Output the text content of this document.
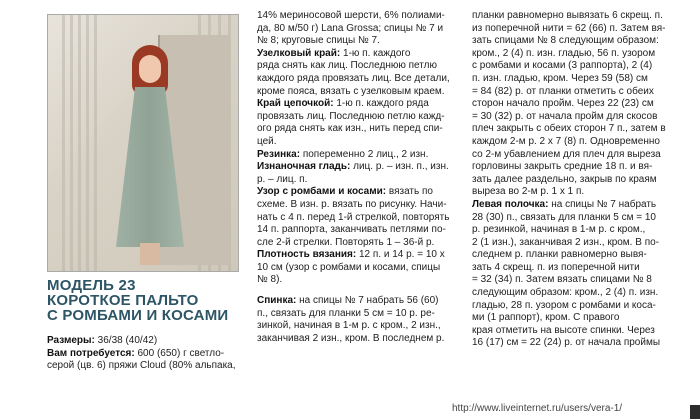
МОДЕЛЬ 23
КОРОТКОЕ ПАЛЬТО
С РОМБАМИ И КОСАМИ

Размеры: 36/38 (40/42)

Вам потребуется: 600 (650) г светло-

серой (цв. 6) пряжи Cloud (80% альпака,

14% мериносовой шерсти, 6% полиами-

да, 80 м/50 г) Lana Grossa; спицы № 7 и

№ 8; круговые спицы № 7.

Узелковый край: 1-ю п. каждого

ряда снять как лиц. Последнюю петлю

каждого ряда провязать лиц. Все детали,

кроме пояса, вязать с узелковым краем.

Край цепочкой: 1-ю п. каждого ряда

провязать лиц. Последнюю петлю кажд-

ого ряда снять как изн., нить перед спи-

цей.

Резинка: попеременно 2 лиц., 2 изн.

Изнаночная гладь: лиц. р. – изн. п., изн.

р. – лиц. п.

Узор с ромбами и косами: вязать по

схеме. В изн. р. вязать по рисунку. Начи-

нать с 4 п. перед 1-й стрелкой, повторять

14 п. раппорта, заканчивать петлями по-

сле 2-й стрелки. Повторять 1 – 36-й р.

Плотность вязания: 12 п. и 14 р. = 10 х

10 см (узор с ромбами и косами, спицы

№ 8).

Спинка: на спицы № 7 набрать 56 (60)

п., связать для планки 5 см = 10 р. ре-

зинкой, начиная в 1-м р. с кром., 2 изн.,

заканчивая 2 изн., кром. В последнем р.

планки равномерно вывязать 6 скрещ. п.

из поперечной нити = 62 (66) п. Затем вя-

зать спицами № 8 следующим образом:

кром., 2 (4) п. изн. гладью, 56 п. узором

с ромбами и косами (3 раппорта), 2 (4)

п. изн. гладью, кром. Через 59 (58) см

= 84 (82) р. от планки отметить с обеих

сторон начало пройм. Через 22 (23) см

= 30 (32) р. от начала пройм для скосов

плеч закрыть с обеих сторон 7 п., затем в

каждом 2-м р. 2 х 7 (8) п. Одновременно

со 2-м убавлением для плеч для выреза

горловины закрыть средние 18 п. и вя-

зать далее раздельно, закрыв по краям

выреза во 2-м р. 1 х 1 п.

Левая полочка: на спицы № 7 набрать

28 (30) п., связать для планки 5 см = 10

р. резинкой, начиная в 1-м р. с кром.,

2 (1 изн.), заканчивая 2 изн., кром. В по-

следнем р. планки равномерно вывя-

зать 4 скрещ. п. из поперечной нити

= 32 (34) п. Затем вязать спицами № 8

следующим образом: кром., 2 (4) п. изн.

гладью, 28 п. узором с ромбами и коса-

ми (1 раппорт), кром. С правого

края отметить на высоте спинки. Через

16 (17) см = 22 (24) р. от начала проймы

http://www.liveinternet.ru/users/vera-1/
